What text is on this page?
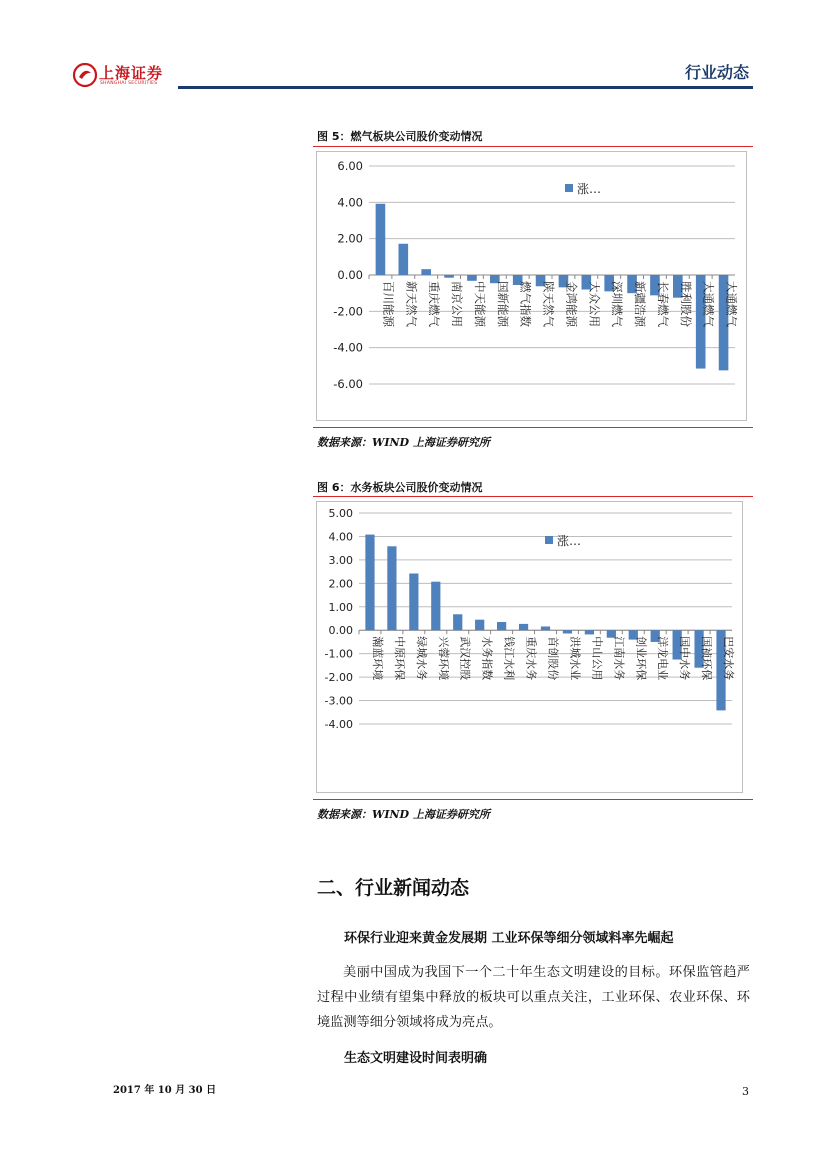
上海证券
SHANGHAI SECURITIES
行业动态
图 5：燃气板块公司股价变动情况
-6.00
-4.00
-2.00
0.00
2.00
4.00
6.00
百川能源 新天然气 重庆燃气 南京公用 中天能源 国新能源 燃气指数 陕天然气 金鸿能源 大众公用 深圳燃气 新疆浩源 长春燃气 胜利股份 大通燃气 大通燃气
涨…
数据来源：WIND 上海证券研究所
图 6：水务板块公司股价变动情况
-4.00
-3.00
-2.00
-1.00
0.00
1.00
2.00
3.00
4.00
5.00
瀚蓝环境 中原环保 绿城水务 兴蓉环境 武汉控股 水务指数 钱江水利 重庆水务 首创股份 洪城水业 中山公用 江南水务 创业环保 洋龙电业 国中水务 国祯环保 巴安水务
涨…
数据来源：WIND 上海证券研究所
二、行业新闻动态
环保行业迎来黄金发展期 工业环保等细分领域料率先崛起
美丽中国成为我国下一个二十年生态文明建设的目标。环保监管趋严过程中业绩有望集中释放的板块可以重点关注，工业环保、农业环保、环境监测等细分领域将成为亮点。
生态文明建设时间表明确
2017 年 10 月 30 日	3
